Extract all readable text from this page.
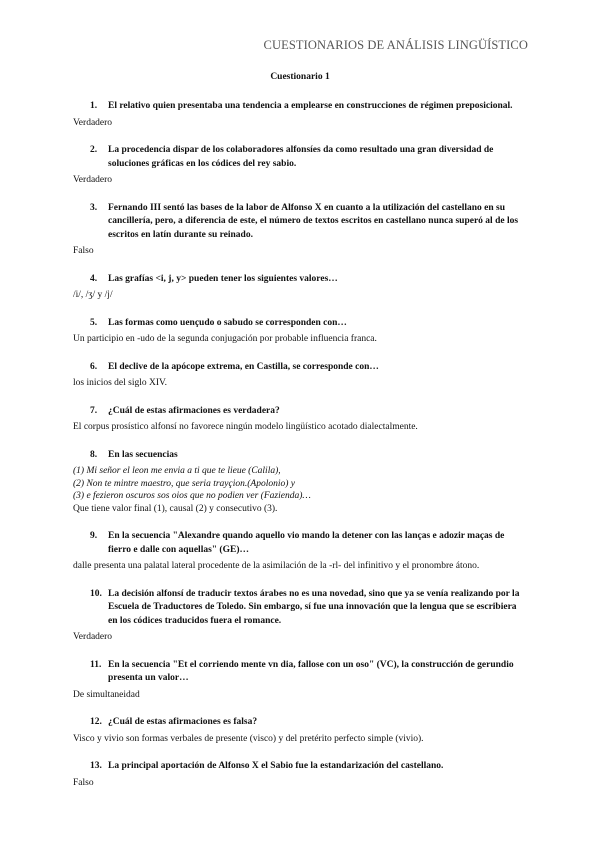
CUESTIONARIOS DE ANÁLISIS LINGÜÍSTICO
Cuestionario 1
1.	El relativo quien presentaba una tendencia a emplearse en construcciones de régimen preposicional.
Verdadero
2.	La procedencia dispar de los colaboradores alfonsíes da como resultado una gran diversidad de soluciones gráficas en los códices del rey sabio.
Verdadero
3.	Fernando III sentó las bases de la labor de Alfonso X en cuanto a la utilización del castellano en su cancillería, pero, a diferencia de este, el número de textos escritos en castellano nunca superó al de los escritos en latín durante su reinado.
Falso
4.	Las grafías <i, j, y> pueden tener los siguientes valores…
/i/, /ʒ/ y /j/
5.	Las formas como uençudo o sabudo se corresponden con…
Un participio en -udo de la segunda conjugación por probable influencia franca.
6.	El declive de la apócope extrema, en Castilla, se corresponde con…
los inicios del siglo XIV.
7.	¿Cuál de estas afirmaciones es verdadera?
El corpus prosístico alfonsí no favorece ningún modelo lingüístico acotado dialectalmente.
8.	En las secuencias
(1) Mi señor el leon me envia a ti que te lieue (Calila),
(2) Non te mintre maestro, que seria trayçion.(Apolonio) y
(3) e fezieron oscuros sos oios que no podien ver (Fazienda)…
Que tiene valor final (1), causal (2) y consecutivo (3).
9.	En la secuencia "Alexandre quando aquello vio mando la detener con las lanças e adozir maças de fierro e dalle con aquellas" (GE)…
dalle presenta una palatal lateral procedente de la asimilación de la -rl- del infinitivo y el pronombre átono.
10. La decisión alfonsí de traducir textos árabes no es una novedad, sino que ya se venía realizando por la Escuela de Traductores de Toledo. Sin embargo, sí fue una innovación que la lengua que se escribiera en los códices traducidos fuera el romance.
Verdadero
11. En la secuencia "Et el corriendo mente vn dia, fallose con un oso" (VC), la construcción de gerundio presenta un valor…
De simultaneidad
12. ¿Cuál de estas afirmaciones es falsa?
Visco y vivio son formas verbales de presente (visco) y del pretérito perfecto simple (vivio).
13. La principal aportación de Alfonso X el Sabio fue la estandarización del castellano.
Falso
